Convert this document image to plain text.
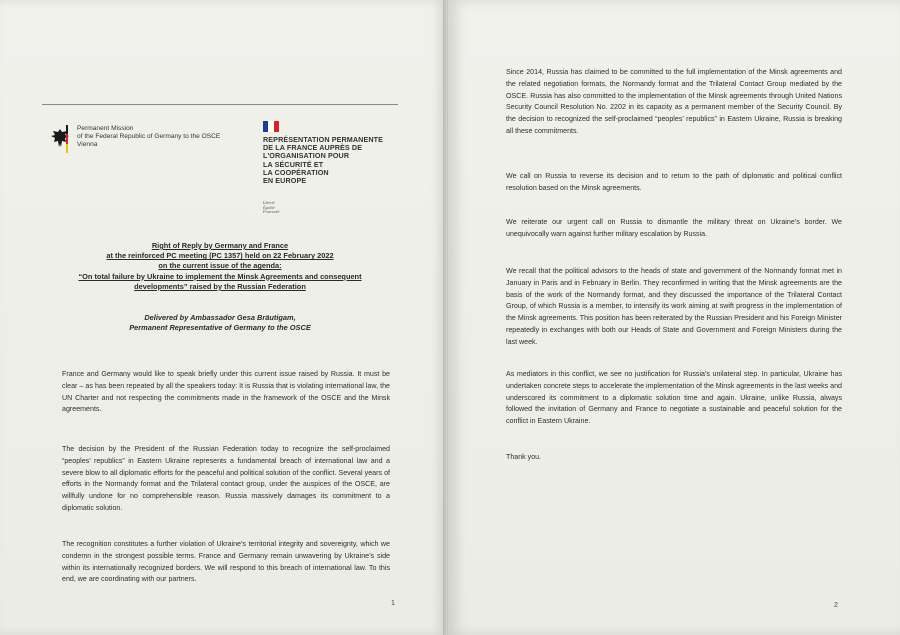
Permanent Mission
of the Federal Republic of Germany to the OSCE
Vienna
REPRÉSENTATION PERMANENTE
DE LA FRANCE AUPRÈS DE
L'ORGANISATION POUR
LA SÉCURITÉ ET
LA COOPÉRATION
EN EUROPE
Liberté
Égalité
Fraternité
Right of Reply by Germany and France
at the reinforced PC meeting (PC 1357) held on 22 February 2022
on the current issue of the agenda:
“On total failure by Ukraine to implement the Minsk Agreements and consequent
developments” raised by the Russian Federation
Delivered by Ambassador Gesa Bräutigam,
Permanent Representative of Germany to the OSCE

France and Germany would like to speak briefly under this current issue raised by Russia. It must be clear – as has been repeated by all the speakers today: It is Russia that is violating international law, the UN Charter and not respecting the commitments made in the framework of the OSCE and the Minsk agreements.

The decision by the President of the Russian Federation today to recognize the self-proclaimed “peoples’ republics” in Eastern Ukraine represents a fundamental breach of international law and a severe blow to all diplomatic efforts for the peaceful and political solution of the conflict. Several years of efforts in the Normandy format and the Trilateral contact group, under the auspices of the OSCE, are willfully undone for no comprehensible reason. Russia massively damages its commitment to a diplomatic solution.

The recognition constitutes a further violation of Ukraine’s territorial integrity and sovereignty, which we condemn in the strongest possible terms. France and Germany remain unwavering by Ukraine’s side within its internationally recognized borders. We will respond to this breach of international law. To this end, we are coordinating with our partners.

1

Since 2014, Russia has claimed to be committed to the full implementation of the Minsk agreements and the related negotiation formats, the Normandy format and the Trilateral Contact Group mediated by the OSCE. Russia has also committed to the implementation of the Minsk agreements through United Nations Security Council Resolution No. 2202 in its capacity as a permanent member of the Security Council. By the decision to recognized the self-proclaimed “peoples’ republics” in Eastern Ukraine, Russia is breaking all these commitments.

We call on Russia to reverse its decision and to return to the path of diplomatic and political conflict resolution based on the Minsk agreements.

We reiterate our urgent call on Russia to dismantle the military threat on Ukraine’s border. We unequivocally warn against further military escalation by Russia.

We recall that the political advisors to the heads of state and government of the Normandy format met in January in Paris and in February in Berlin. They reconfirmed in writing that the Minsk agreements are the basis of the work of the Normandy format, and they discussed the importance of the Trilateral Contact Group, of which Russia is a member, to intensify its work aiming at swift progress in the implementation of the Minsk agreements. This position has been reiterated by the Russian President and his Foreign Minister repeatedly in exchanges with both our Heads of State and Government and Foreign Ministers during the last week.

As mediators in this conflict, we see no justification for Russia’s unilateral step. In particular, Ukraine has undertaken concrete steps to accelerate the implementation of the Minsk agreements in the last weeks and underscored its commitment to a diplomatic solution time and again. Ukraine, unlike Russia, always followed the invitation of Germany and France to negotiate a sustainable and peaceful solution for the conflict in Eastern Ukraine.

Thank you.

2
